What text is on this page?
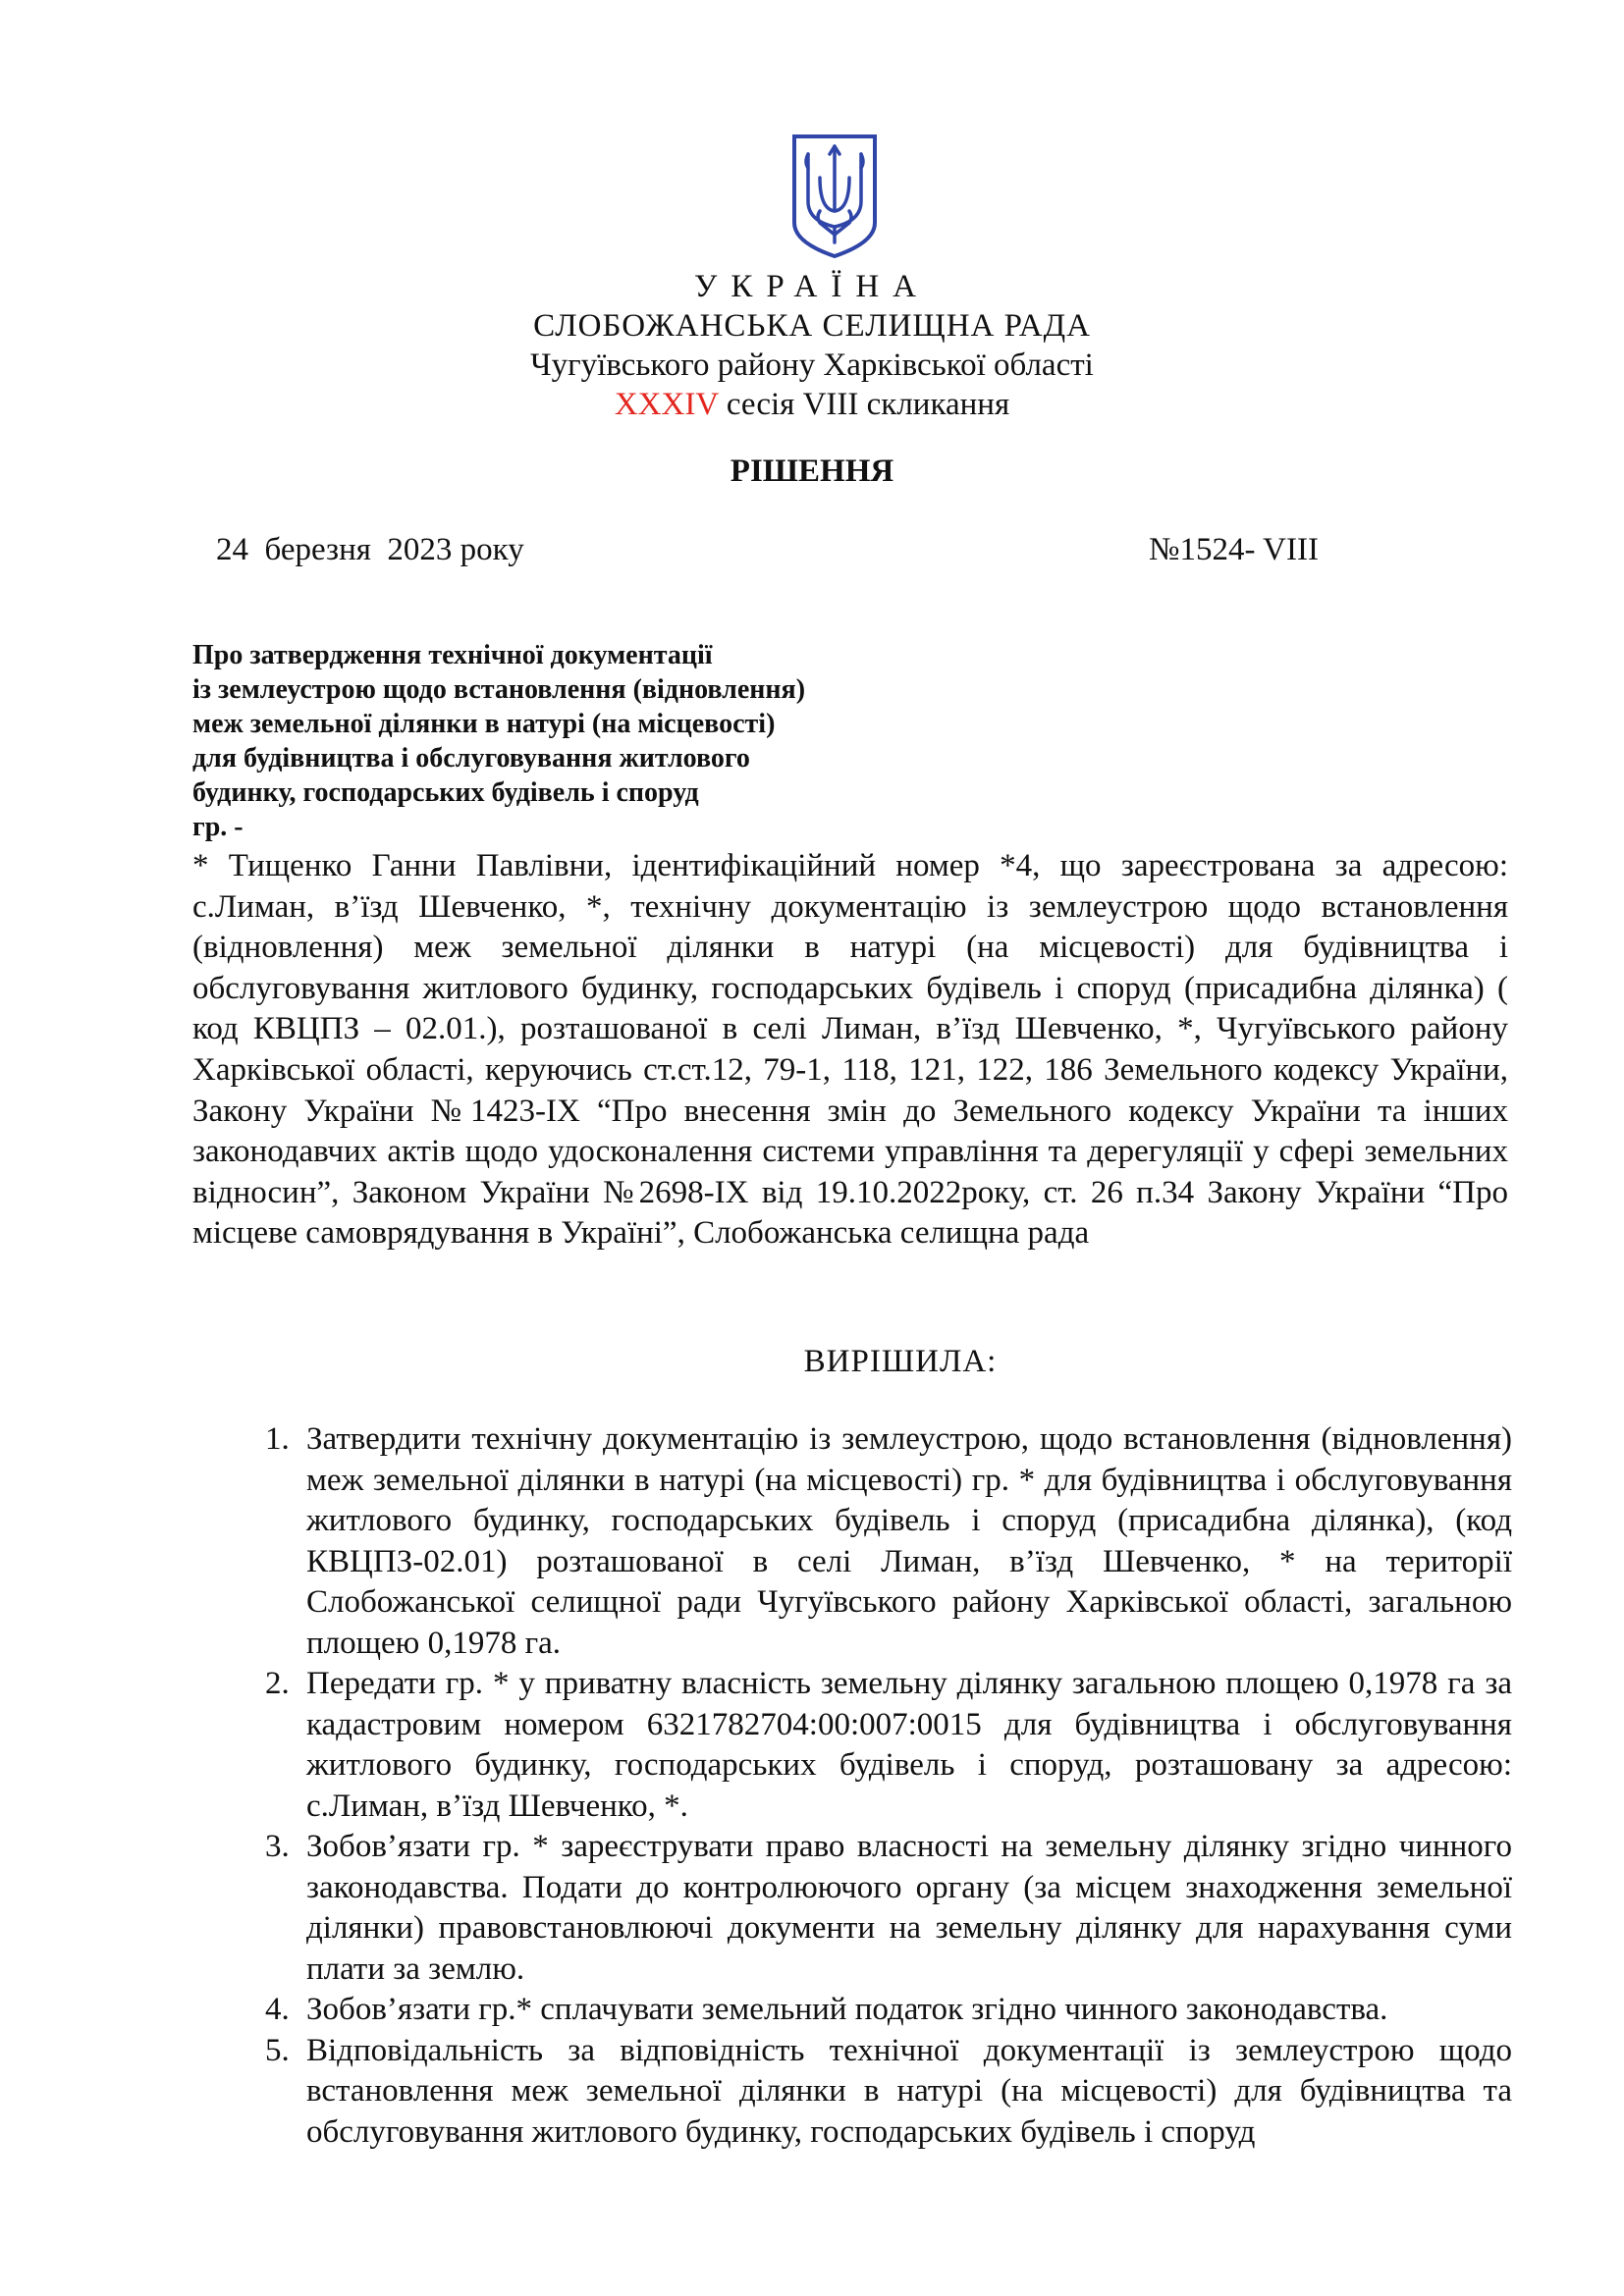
УКРАЇНА
СЛОБОЖАНСЬКА СЕЛИЩНА РАДА
Чугуївського району Харківської області
XXXIV сесія VIII скликання
РІШЕННЯ
24  березня  2023 року	№1524- VIII
Про затвердження технічної документації
із землеустрою щодо встановлення (відновлення)
меж земельної ділянки в натурі (на місцевості)
для будівництва і обслуговування житлового
будинку, господарських будівель і споруд
гр. -
* Тищенко Ганни Павлівни, ідентифікаційний номер *4, що зареєстрована за адресою: с.Лиман, в’їзд Шевченко, *, технічну документацію із землеустрою щодо встановлення (відновлення) меж земельної ділянки в натурі (на місцевості) для будівництва і обслуговування житлового будинку, господарських будівель і споруд (присадибна ділянка) ( код КВЦПЗ – 02.01.), розташованої в селі Лиман, в’їзд Шевченко, *, Чугуївського району Харківської області, керуючись ст.ст.12, 79-1, 118, 121, 122, 186 Земельного кодексу України, Закону України №1423-IX “Про внесення змін до Земельного кодексу України та інших законодавчих актів щодо удосконалення системи управління та дерегуляції у сфері земельних відносин”, Законом України №2698-IX від 19.10.2022року, ст. 26 п.34 Закону України “Про місцеве самоврядування в Україні”, Слобожанська селищна рада
ВИРІШИЛА:
1. Затвердити технічну документацію із землеустрою, щодо встановлення (відновлення) меж земельної ділянки в натурі (на місцевості) гр. * для будівництва і обслуговування житлового будинку, господарських будівель і споруд (присадибна ділянка), (код КВЦПЗ-02.01) розташованої в селі Лиман, в’їзд Шевченко, * на території Слобожанської селищної ради Чугуївського району Харківської області, загальною площею 0,1978 га.
2. Передати гр. * у приватну власність земельну ділянку загальною площею 0,1978 га за кадастровим номером 6321782704:00:007:0015 для будівництва і обслуговування житлового будинку, господарських будівель і споруд, розташовану за адресою: с.Лиман, в’їзд Шевченко, *.
3. Зобов’язати гр. * зареєструвати право власності на земельну ділянку згідно чинного законодавства. Подати до контролюючого органу (за місцем знаходження земельної ділянки) правовстановлюючі документи на земельну ділянку для нарахування суми плати за землю.
4. Зобов’язати гр.* сплачувати земельний податок згідно чинного законодавства.
5. Відповідальність за відповідність технічної документації із землеустрою щодо встановлення меж земельної ділянки в натурі (на місцевості) для будівництва та обслуговування житлового будинку, господарських будівель і споруд
